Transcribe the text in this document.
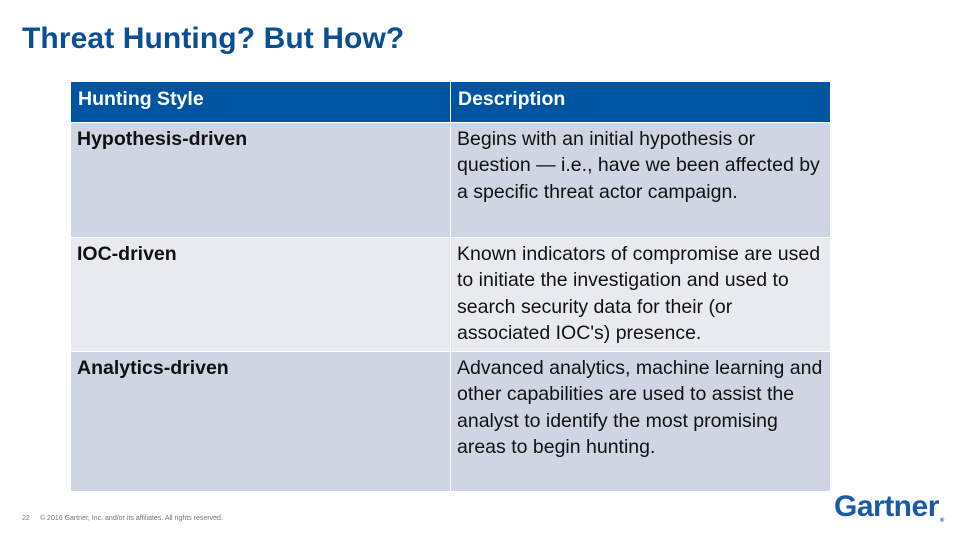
Threat Hunting? But How?
Hunting Style	Description
Hypothesis-driven	Begins with an initial hypothesis or question — i.e., have we been affected by a specific threat actor campaign.
IOC-driven	Known indicators of compromise are used to initiate the investigation and used to search security data for their (or associated IOC's) presence.
Analytics-driven	Advanced analytics, machine learning and other capabilities are used to assist the analyst to identify the most promising areas to begin hunting.
22 © 2016 Gartner, Inc. and/or its affiliates. All rights reserved.	Gartner®
